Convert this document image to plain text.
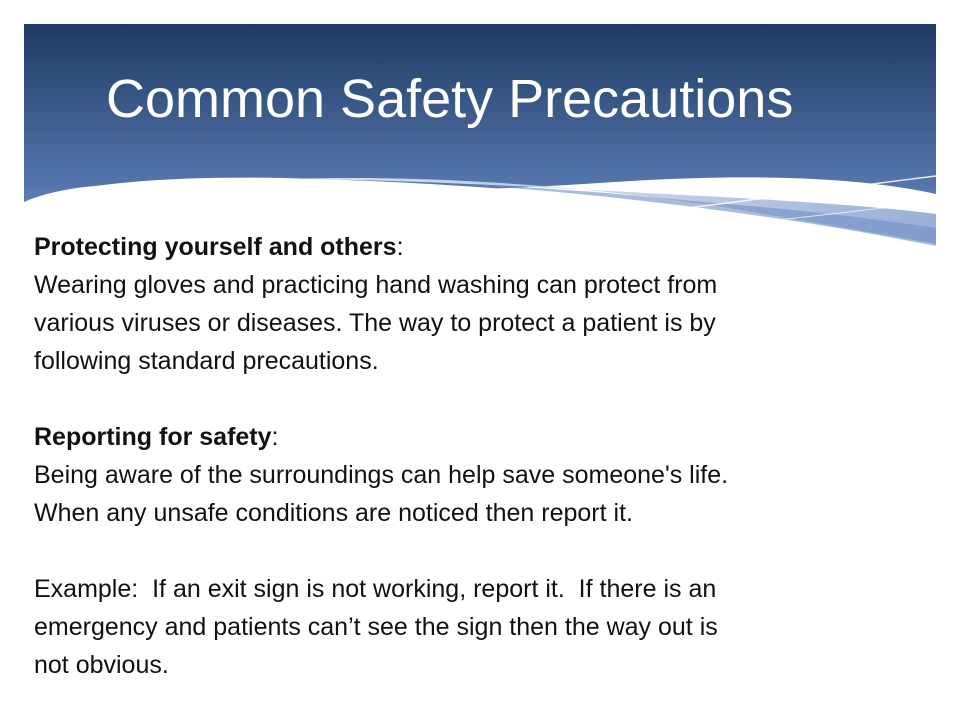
Common Safety Precautions

Protecting yourself and others:

Wearing gloves and practicing hand washing can protect from

various viruses or diseases. The way to protect a patient is by

following standard precautions.

Reporting for safety:

Being aware of the surroundings can help save someone's life.

When any unsafe conditions are noticed then report it.

Example:  If an exit sign is not working, report it.  If there is an

emergency and patients can’t see the sign then the way out is

not obvious.
